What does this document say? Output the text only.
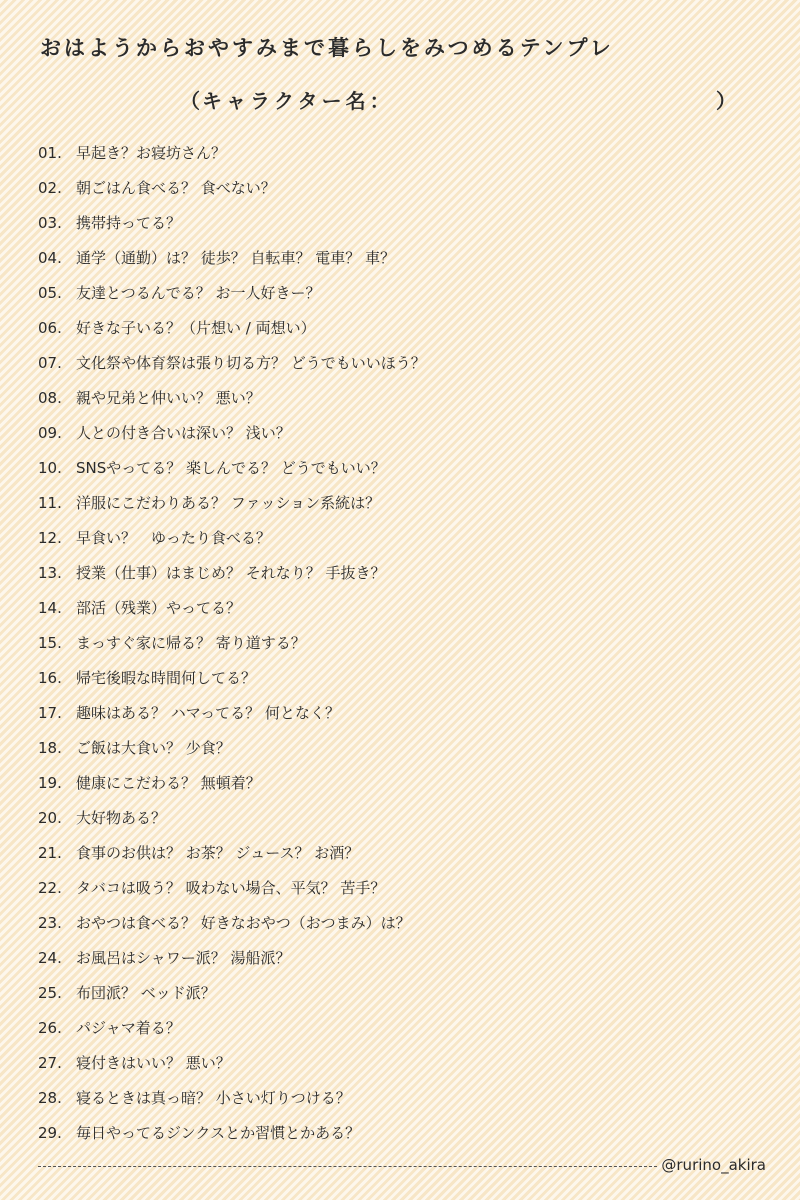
おはようからおやすみまで暮らしをみつめるテンプレ
（
キャラクター名：	）
01. 早起き？お寝坊さん？
02. 朝ごはん食べる？ 食べない？
03. 携帯持ってる？
04. 通学（通勤）は？ 徒歩？ 自転車？ 電車？ 車？
05. 友達とつるんでる？ お一人好きー？
06. 好きな子いる？（片想い / 両想い）
07. 文化祭や体育祭は張り切る方？ どうでもいいほう？
08. 親や兄弟と仲いい？ 悪い？
09. 人との付き合いは深い？ 浅い？
10. SNSやってる？ 楽しんでる？ どうでもいい？
11. 洋服にこだわりある？ ファッション系統は？
12. 早食い？　ゆったり食べる？
13. 授業（仕事）はまじめ？ それなり？ 手抜き？
14. 部活（残業）やってる？
15. まっすぐ家に帰る？ 寄り道する？
16. 帰宅後暇な時間何してる？
17. 趣味はある？ ハマってる？ 何となく？
18. ご飯は大食い？ 少食？
19. 健康にこだわる？ 無頓着？
20. 大好物ある？
21. 食事のお供は？ お茶？ ジュース？ お酒？
22. タバコは吸う？ 吸わない場合、平気？ 苦手？
23. おやつは食べる？ 好きなおやつ（おつまみ）は？
24. お風呂はシャワー派？ 湯船派？
25. 布団派？ ベッド派？
26. パジャマ着る？
27. 寝付きはいい？ 悪い？
28. 寝るときは真っ暗？ 小さい灯りつける？
29. 毎日やってるジンクスとか習慣とかある？
@rurino_akira
